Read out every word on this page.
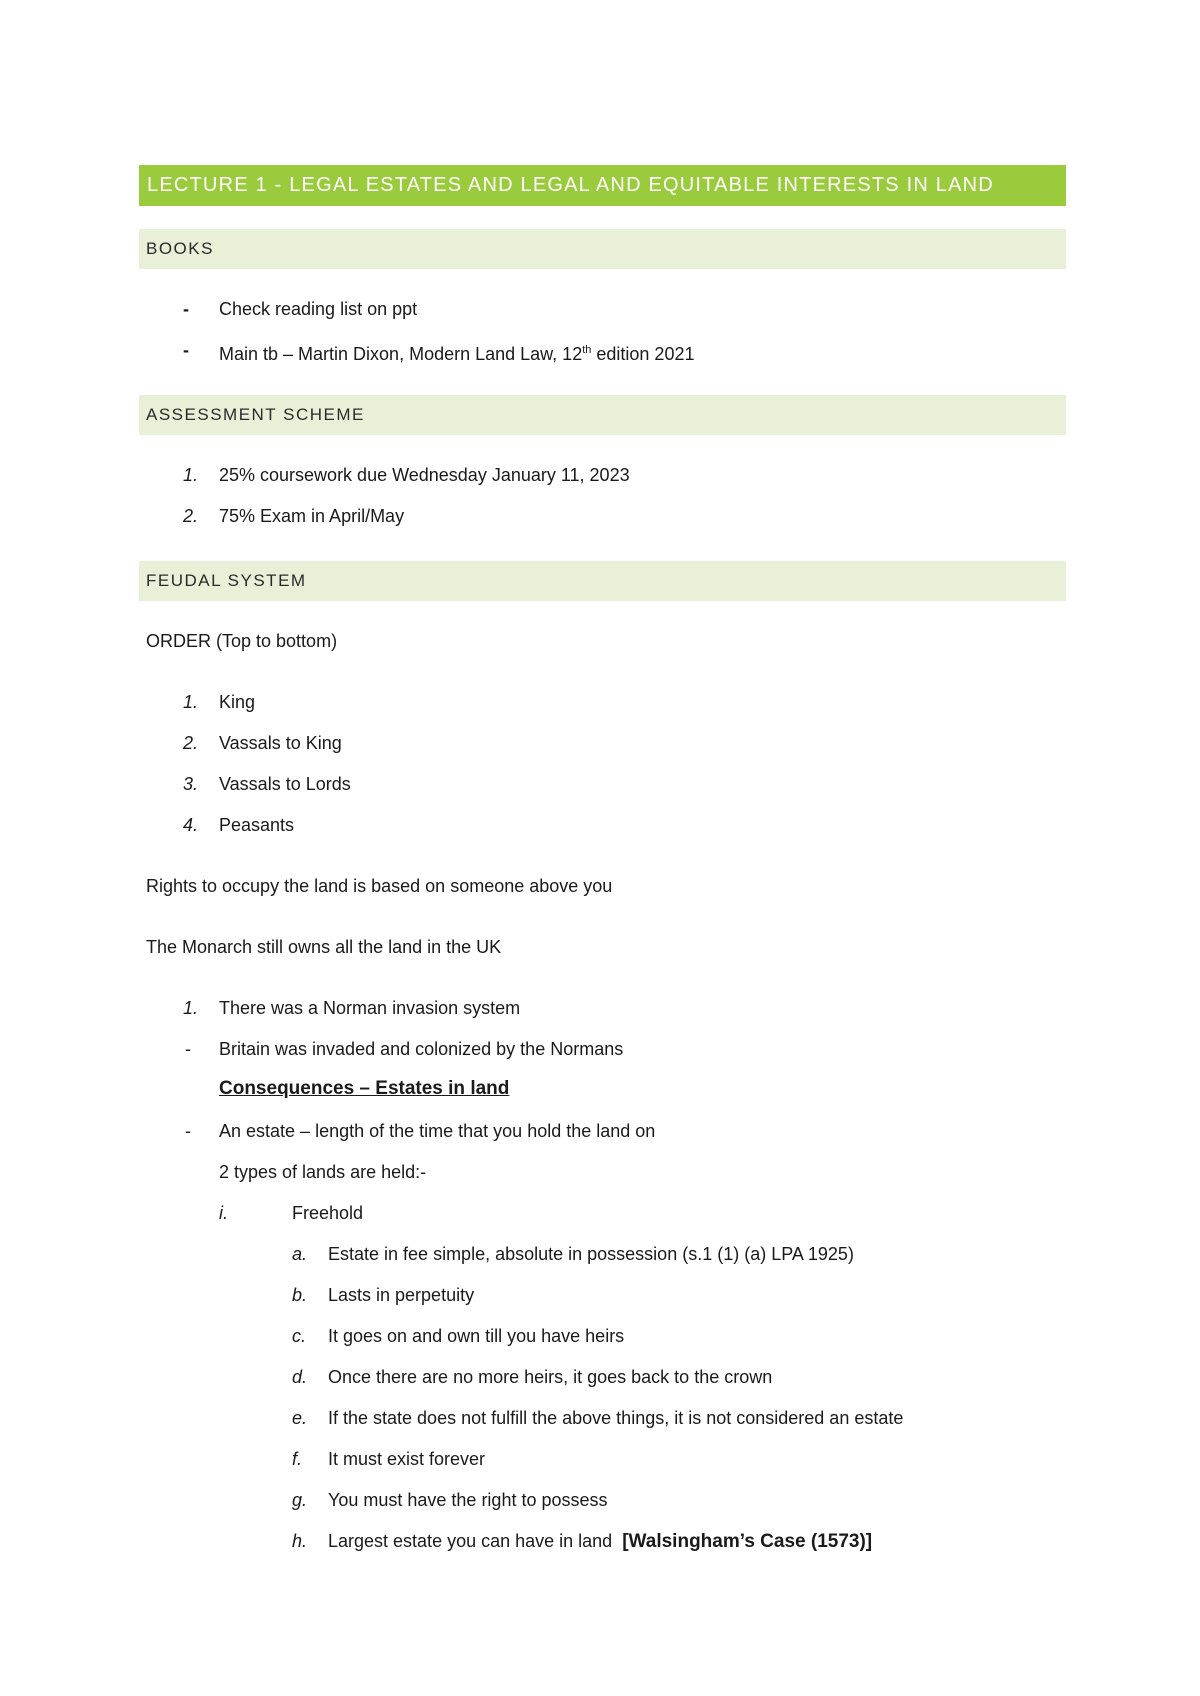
LECTURE 1 - LEGAL ESTATES AND LEGAL AND EQUITABLE INTERESTS IN LAND
BOOKS
- Check reading list on ppt
- Main tb – Martin Dixon, Modern Land Law, 12th edition 2021
ASSESSMENT SCHEME
1. 25% coursework due Wednesday January 11, 2023
2. 75% Exam in April/May
FEUDAL SYSTEM
ORDER (Top to bottom)
1. King
2. Vassals to King
3. Vassals to Lords
4. Peasants
Rights to occupy the land is based on someone above you
The Monarch still owns all the land in the UK
1. There was a Norman invasion system
- Britain was invaded and colonized by the Normans
Consequences – Estates in land
- An estate – length of the time that you hold the land on
2 types of lands are held:-
i.	Freehold
a. Estate in fee simple, absolute in possession (s.1 (1) (a) LPA 1925)
b. Lasts in perpetuity
c. It goes on and own till you have heirs
d. Once there are no more heirs, it goes back to the crown
e. If the state does not fulfill the above things, it is not considered an estate
f. It must exist forever
g. You must have the right to possess
h. Largest estate you can have in land [Walsingham’s Case (1573)]
